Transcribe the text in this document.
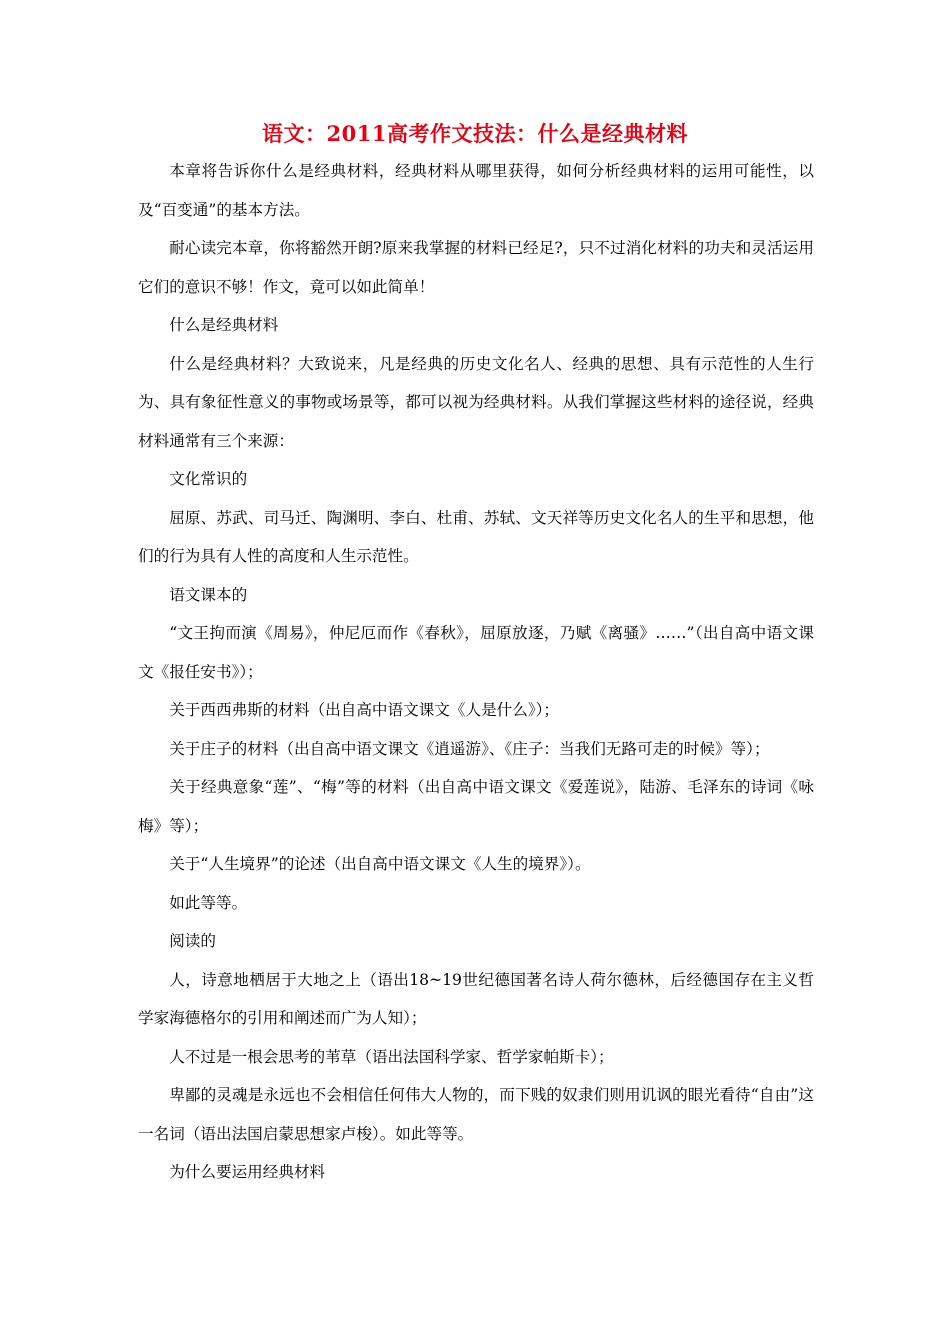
语文：2011高考作文技法：什么是经典材料

本章将告诉你什么是经典材料，经典材料从哪里获得，如何分析经典材料的运用可能性，以及“百变通”的基本方法。

耐心读完本章，你将豁然开朗?原来我掌握的材料已经足?，只不过消化材料的功夫和灵活运用它们的意识不够！作文，竟可以如此简单！

什么是经典材料

什么是经典材料？大致说来，凡是经典的历史文化名人、经典的思想、具有示范性的人生行为、具有象征性意义的事物或场景等，都可以视为经典材料。从我们掌握这些材料的途径说，经典材料通常有三个来源：

文化常识的

屈原、苏武、司马迁、陶渊明、李白、杜甫、苏轼、文天祥等历史文化名人的生平和思想，他们的行为具有人性的高度和人生示范性。

语文课本的

“文王拘而演《周易》，仲尼厄而作《春秋》，屈原放逐，乃赋《离骚》……”（出自高中语文课文《报任安书》）；

关于西西弗斯的材料（出自高中语文课文《人是什么》）；

关于庄子的材料（出自高中语文课文《逍遥游》、《庄子：当我们无路可走的时候》等）；

关于经典意象“莲”、“梅”等的材料（出自高中语文课文《爱莲说》，陆游、毛泽东的诗词《咏梅》等）；

关于“人生境界”的论述（出自高中语文课文《人生的境界》）。

如此等等。

阅读的

人，诗意地栖居于大地之上（语出18~19世纪德国著名诗人荷尔德林，后经德国存在主义哲学家海德格尔的引用和阐述而广为人知）；

人不过是一根会思考的苇草（语出法国科学家、哲学家帕斯卡）；

卑鄙的灵魂是永远也不会相信任何伟大人物的，而下贱的奴隶们则用讥讽的眼光看待“自由”这一名词（语出法国启蒙思想家卢梭）。如此等等。

为什么要运用经典材料
